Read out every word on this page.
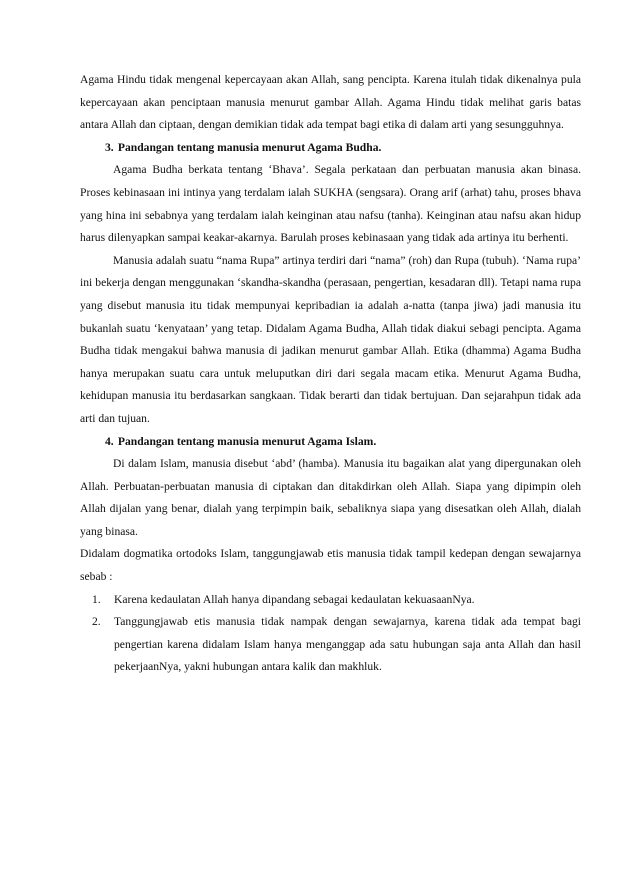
Agama Hindu tidak mengenal kepercayaan akan Allah, sang pencipta. Karena itulah tidak dikenalnya pula kepercayaan akan penciptaan manusia menurut gambar Allah. Agama Hindu tidak melihat garis batas antara Allah dan ciptaan, dengan demikian tidak ada tempat bagi etika di dalam arti yang sesungguhnya.

3. Pandangan tentang manusia menurut Agama Budha.

Agama Budha berkata tentang ‘Bhava’. Segala perkataan dan perbuatan manusia akan binasa. Proses kebinasaan ini intinya yang terdalam ialah SUKHA (sengsara). Orang arif (arhat) tahu, proses bhava yang hina ini sebabnya yang terdalam ialah keinginan atau nafsu (tanha). Keinginan atau nafsu akan hidup harus dilenyapkan sampai keakar-akarnya. Barulah proses kebinasaan yang tidak ada artinya itu berhenti.

Manusia adalah suatu “nama Rupa” artinya terdiri dari “nama” (roh) dan Rupa (tubuh). ‘Nama rupa’ ini bekerja dengan menggunakan ‘skandha-skandha (perasaan, pengertian, kesadaran dll). Tetapi nama rupa yang disebut manusia itu tidak mempunyai kepribadian ia adalah a-natta (tanpa jiwa) jadi manusia itu bukanlah suatu ‘kenyataan’ yang tetap. Didalam Agama Budha, Allah tidak diakui sebagi pencipta. Agama Budha tidak mengakui bahwa manusia di jadikan menurut gambar Allah. Etika (dhamma) Agama Budha hanya merupakan suatu cara untuk meluputkan diri dari segala macam etika. Menurut Agama Budha, kehidupan manusia itu berdasarkan sangkaan. Tidak berarti dan tidak bertujuan. Dan sejarahpun tidak ada arti dan tujuan.

4. Pandangan tentang manusia menurut Agama Islam.

Di dalam Islam, manusia disebut ‘abd’ (hamba). Manusia itu bagaikan alat yang dipergunakan oleh Allah. Perbuatan-perbuatan manusia di ciptakan dan ditakdirkan oleh Allah. Siapa yang dipimpin oleh Allah dijalan yang benar, dialah yang terpimpin baik, sebaliknya siapa yang disesatkan oleh Allah, dialah yang binasa.

Didalam dogmatika ortodoks Islam, tanggungjawab etis manusia tidak tampil kedepan dengan sewajarnya sebab :

1. Karena kedaulatan Allah hanya dipandang sebagai kedaulatan kekuasaanNya.
2. Tanggungjawab etis manusia tidak nampak dengan sewajarnya, karena tidak ada tempat bagi pengertian karena didalam Islam hanya menganggap ada satu hubungan saja anta Allah dan hasil pekerjaanNya, yakni hubungan antara kalik dan makhluk.
